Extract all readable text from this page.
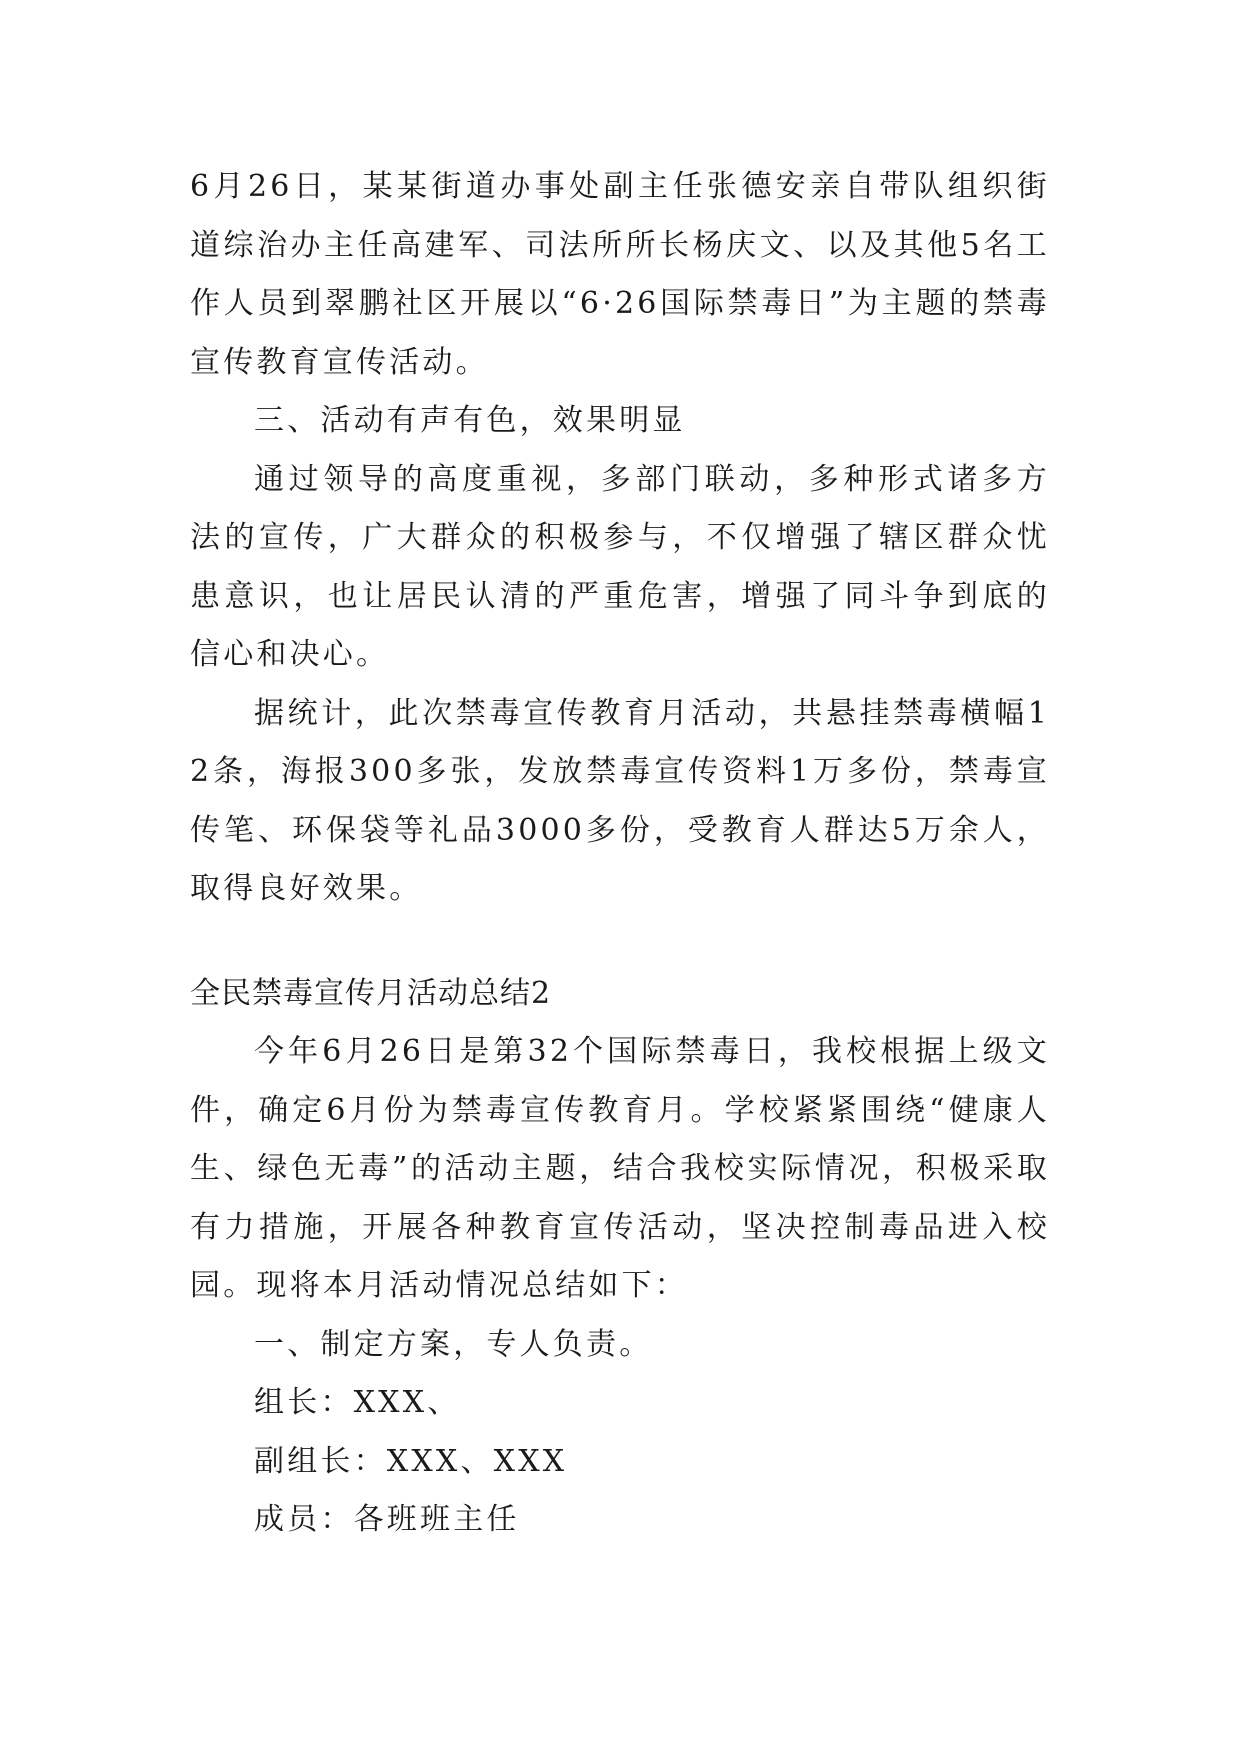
6月26日，某某街道办事处副主任张德安亲自带队组织街道综治办主任高建军、司法所所长杨庆文、以及其他5名工作人员到翠鹏社区开展以“6·26国际禁毒日”为主题的禁毒宣传教育宣传活动。

三、活动有声有色，效果明显

通过领导的高度重视，多部门联动，多种形式诸多方法的宣传，广大群众的积极参与，不仅增强了辖区群众忧患意识，也让居民认清的严重危害，增强了同斗争到底的信心和决心。

据统计，此次禁毒宣传教育月活动，共悬挂禁毒横幅12条，海报300多张，发放禁毒宣传资料1万多份，禁毒宣传笔、环保袋等礼品3000多份，受教育人群达5万余人，取得良好效果。

全民禁毒宣传月活动总结2

今年6月26日是第32个国际禁毒日，我校根据上级文件，确定6月份为禁毒宣传教育月。学校紧紧围绕“健康人生、绿色无毒”的活动主题，结合我校实际情况，积极采取有力措施，开展各种教育宣传活动，坚决控制毒品进入校园。现将本月活动情况总结如下：

一、制定方案，专人负责。

组长：XXX、

副组长：XXX、XXX

成员：各班班主任
